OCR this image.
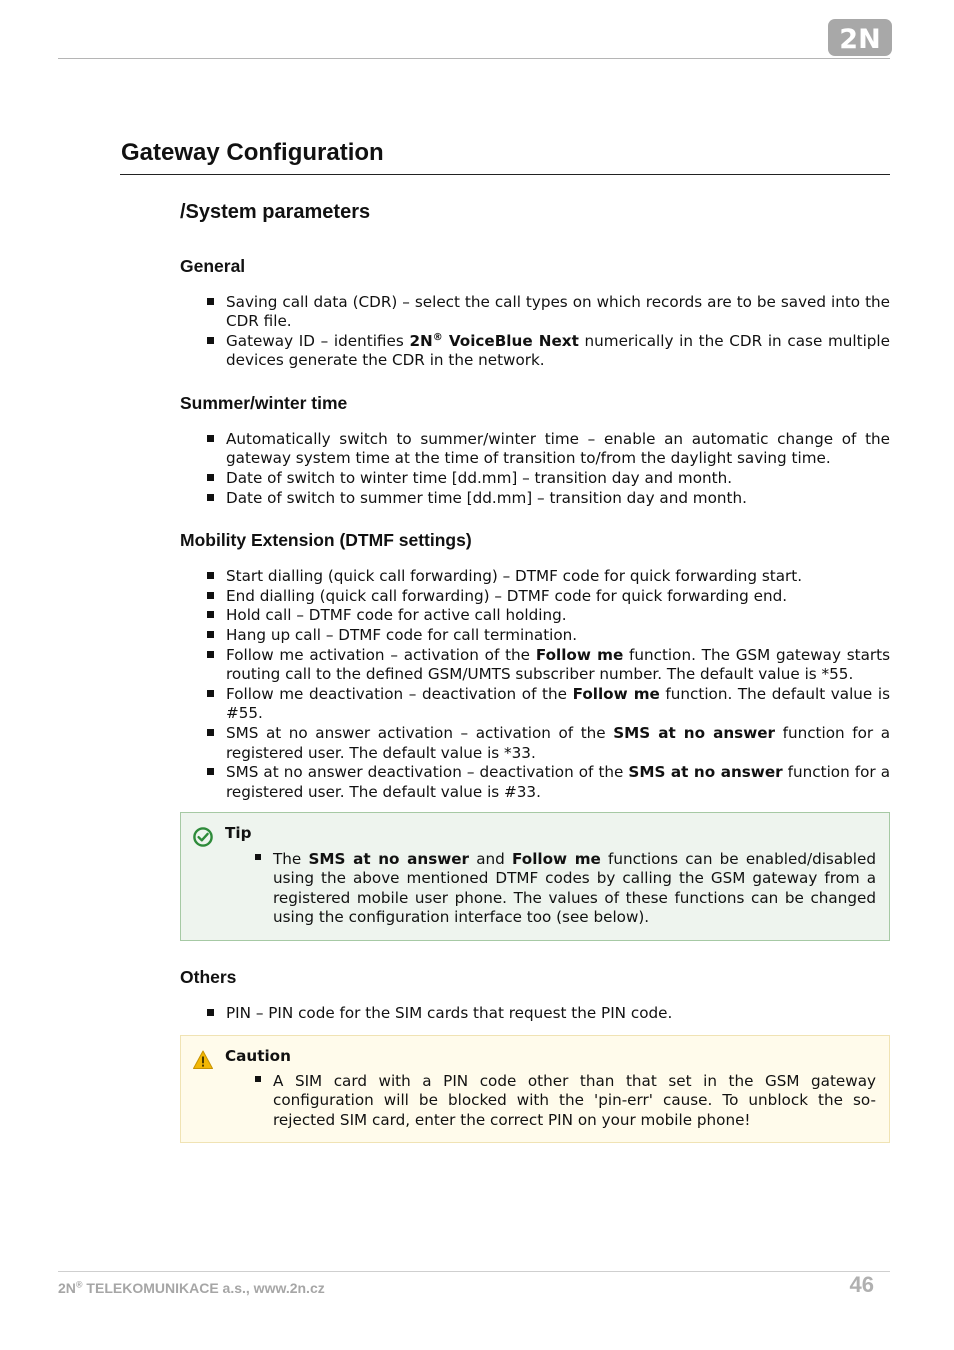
2N
Gateway Configuration
/System parameters
General
Saving call data (CDR) – select the call types on which records are to be saved into the CDR file.
Gateway ID – identifies 2N® VoiceBlue Next numerically in the CDR in case multiple devices generate the CDR in the network.
Summer/winter time
Automatically switch to summer/winter time – enable an automatic change of the gateway system time at the time of transition to/from the daylight saving time.
Date of switch to winter time [dd.mm] – transition day and month.
Date of switch to summer time [dd.mm] – transition day and month.
Mobility Extension (DTMF settings)
Start dialling (quick call forwarding) – DTMF code for quick forwarding start.
End dialling (quick call forwarding) – DTMF code for quick forwarding end.
Hold call – DTMF code for active call holding.
Hang up call – DTMF code for call termination.
Follow me activation – activation of the Follow me function. The GSM gateway starts routing call to the defined GSM/UMTS subscriber number. The default value is *55.
Follow me deactivation – deactivation of the Follow me function. The default value is #55.
SMS at no answer activation – activation of the SMS at no answer function for a registered user. The default value is *33.
SMS at no answer deactivation – deactivation of the SMS at no answer function for a registered user. The default value is #33.
Tip
The SMS at no answer and Follow me functions can be enabled/disabled using the above mentioned DTMF codes by calling the GSM gateway from a registered mobile user phone. The values of these functions can be changed using the configuration interface too (see below).
Others
PIN – PIN code for the SIM cards that request the PIN code.
Caution
A SIM card with a PIN code other than that set in the GSM gateway configuration will be blocked with the 'pin-err' cause. To unblock the so-rejected SIM card, enter the correct PIN on your mobile phone!
2N® TELEKOMUNIKACE a.s., www.2n.cz	46
